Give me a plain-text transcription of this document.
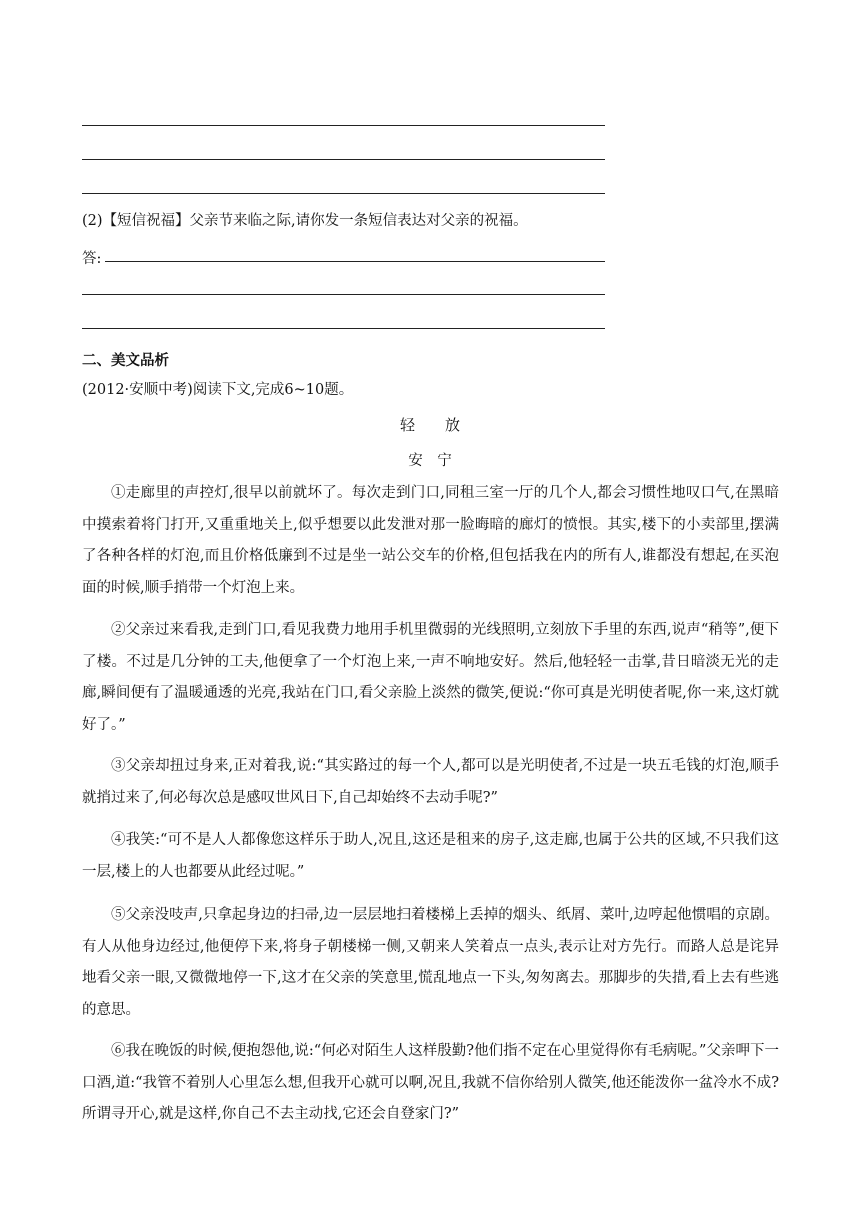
(2)【短信祝福】父亲节来临之际,请你发一条短信表达对父亲的祝福。
答:
二、美文品析
(2012·安顺中考)阅读下文,完成6~10题。
轻　　放
安　宁
①走廊里的声控灯,很早以前就坏了。每次走到门口,同租三室一厅的几个人,都会习惯性地叹口气,在黑暗中摸索着将门打开,又重重地关上,似乎想要以此发泄对那一脸晦暗的廊灯的愤恨。其实,楼下的小卖部里,摆满了各种各样的灯泡,而且价格低廉到不过是坐一站公交车的价格,但包括我在内的所有人,谁都没有想起,在买泡面的时候,顺手捎带一个灯泡上来。
②父亲过来看我,走到门口,看见我费力地用手机里微弱的光线照明,立刻放下手里的东西,说声“稍等”,便下了楼。不过是几分钟的工夫,他便拿了一个灯泡上来,一声不响地安好。然后,他轻轻一击掌,昔日暗淡无光的走廊,瞬间便有了温暖通透的光亮,我站在门口,看父亲脸上淡然的微笑,便说:“你可真是光明使者呢,你一来,这灯就好了。”
③父亲却扭过身来,正对着我,说:“其实路过的每一个人,都可以是光明使者,不过是一块五毛钱的灯泡,顺手就捎过来了,何必每次总是感叹世风日下,自己却始终不去动手呢?”
④我笑:“可不是人人都像您这样乐于助人,况且,这还是租来的房子,这走廊,也属于公共的区域,不只我们这一层,楼上的人也都要从此经过呢。”
⑤父亲没吱声,只拿起身边的扫帚,边一层层地扫着楼梯上丢掉的烟头、纸屑、菜叶,边哼起他惯唱的京剧。有人从他身边经过,他便停下来,将身子朝楼梯一侧,又朝来人笑着点一点头,表示让对方先行。而路人总是诧异地看父亲一眼,又微微地停一下,这才在父亲的笑意里,慌乱地点一下头,匆匆离去。那脚步的失措,看上去有些逃的意思。
⑥我在晚饭的时候,便抱怨他,说:“何必对陌生人这样殷勤?他们指不定在心里觉得你有毛病呢。”父亲呷下一口酒,道:“我管不着别人心里怎么想,但我开心就可以啊,况且,我就不信你给别人微笑,他还能泼你一盆冷水不成?所谓寻开心,就是这样,你自己不去主动找,它还会自登家门?”
